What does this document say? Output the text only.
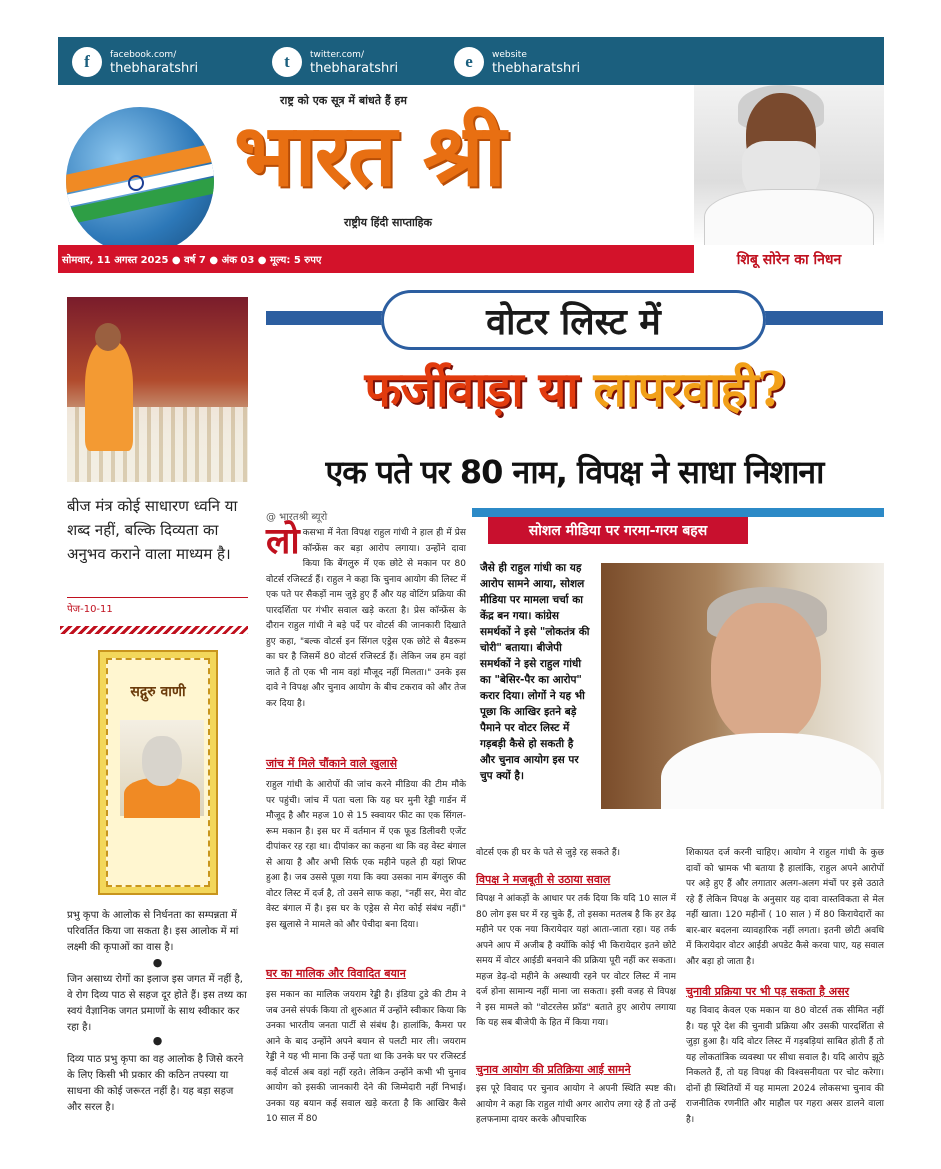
f	facebook.com/
thebharatshri	t	twitter.com/
thebharatshri	e	website
thebharatshri
राष्ट्र को एक सूत्र में बांधते हैं हम
भारत श्री
राष्ट्रीय हिंदी साप्ताहिक
सोमवार, 11 अगस्त 2025 ● वर्ष 7 ● अंक 03 ● मूल्य: 5 रुपए	शिबू सोरेन का निधन
बीज मंत्र कोई साधारण ध्वनि या शब्द नहीं, बल्कि दिव्यता का अनुभव कराने वाला माध्यम है।
पेज-10-11
सद्गुरु वाणी
प्रभु कृपा के आलोक से निर्धनता का सम्पन्नता में परिवर्तित किया जा सकता है। इस आलोक में मां लक्ष्मी की कृपाओं का वास है।
●
जिन असाध्य रोगों का इलाज इस जगत में नहीं है, वे रोग दिव्य पाठ से सहज दूर होते हैं। इस तथ्य का स्वयं वैज्ञानिक जगत प्रमाणों के साथ स्वीकार कर रहा है।
●
दिव्य पाठ प्रभु कृपा का वह आलोक है जिसे करने के लिए किसी भी प्रकार की कठिन तपस्या या साधना की कोई जरूरत नहीं है। यह बड़ा सहज और सरल है।
वोटर लिस्ट में
फर्जीवाड़ा या लापरवाही?
एक पते पर 80 नाम, विपक्ष ने साधा निशाना
@ भारतश्री ब्यूरो
सोशल मीडिया पर गरमा-गरम बहस
लोकसभा में नेता विपक्ष राहुल गांधी ने हाल ही में प्रेस कॉन्फ्रेंस कर बड़ा आरोप लगाया। उन्होंने दावा किया कि बेंगलुरु में एक छोटे से मकान पर 80 वोटर्स रजिस्टर्ड हैं। राहुल ने कहा कि चुनाव आयोग की लिस्ट में एक पते पर सैकड़ों नाम जुड़े हुए हैं और यह वोटिंग प्रक्रिया की पारदर्शिता पर गंभीर सवाल खड़े करता है। प्रेस कॉन्फ्रेंस के दौरान राहुल गांधी ने बड़े पर्दे पर वोटर्स की जानकारी दिखाते हुए कहा, "बल्क वोटर्स इन सिंगल एड्रेस एक छोटे से बैडरूम का घर है जिसमें 80 वोटर्स रजिस्टर्ड हैं। लेकिन जब हम वहां जाते हैं तो एक भी नाम वहां मौजूद नहीं मिलता।" उनके इस दावे ने विपक्ष और चुनाव आयोग के बीच टकराव को और तेज कर दिया है।
जांच में मिले चौंकाने वाले खुलासे
राहुल गांधी के आरोपों की जांच करने मीडिया की टीम मौके पर पहुंची। जांच में पता चला कि यह घर मुनी रेड्डी गार्डन में मौजूद है और महज 10 से 15 स्क्वायर फीट का एक सिंगल-रूम मकान है। इस घर में वर्तमान में एक फूड डिलीवरी एजेंट दीपांकर रह रहा था। दीपांकर का कहना था कि वह वेस्ट बंगाल से आया है और अभी सिर्फ एक महीने पहले ही यहां शिफ्ट हुआ है। जब उससे पूछा गया कि क्या उसका नाम बेंगलुरु की वोटर लिस्ट में दर्ज है, तो उसने साफ कहा, "नहीं सर, मेरा वोट वेस्ट बंगाल में है। इस घर के एड्रेस से मेरा कोई संबंध नहीं।" इस खुलासे ने मामले को और पेचीदा बना दिया।
घर का मालिक और विवादित बयान
इस मकान का मालिक जयराम रेड्डी है। इंडिया टुडे की टीम ने जब उनसे संपर्क किया तो शुरुआत में उन्होंने स्वीकार किया कि उनका भारतीय जनता पार्टी से संबंध है। हालांकि, कैमरा पर आने के बाद उन्होंने अपने बयान से पलटी मार ली। जयराम रेड्डी ने यह भी माना कि उन्हें पता था कि उनके घर पर रजिस्टर्ड कई वोटर्स अब वहां नहीं रहते। लेकिन उन्होंने कभी भी चुनाव आयोग को इसकी जानकारी देने की जिम्मेदारी नहीं निभाई। उनका यह बयान कई सवाल खड़े करता है कि आखिर कैसे 10 साल में 80
जैसे ही राहुल गांधी का यह आरोप सामने आया, सोशल मीडिया पर मामला चर्चा का केंद्र बन गया। कांग्रेस समर्थकों ने इसे "लोकतंत्र की चोरी" बताया। बीजेपी समर्थकों ने इसे राहुल गांधी का "बेसिर-पैर का आरोप" करार दिया। लोगों ने यह भी पूछा कि आखिर इतने बड़े पैमाने पर वोटर लिस्ट में गड़बड़ी कैसे हो सकती है और चुनाव आयोग इस पर चुप क्यों है।
वोटर्स एक ही घर के पते से जुड़े रह सकते हैं।
विपक्ष ने मजबूती से उठाया सवाल
विपक्ष ने आंकड़ों के आधार पर तर्क दिया कि यदि 10 साल में 80 लोग इस घर में रह चुके हैं, तो इसका मतलब है कि हर डेढ़ महीने पर एक नया किरायेदार यहां आता-जाता रहा। यह तर्क अपने आप में अजीब है क्योंकि कोई भी किरायेदार इतने छोटे समय में वोटर आईडी बनवाने की प्रक्रिया पूरी नहीं कर सकता। महज डेढ़-दो महीने के अस्थायी रहने पर वोटर लिस्ट में नाम दर्ज होना सामान्य नहीं माना जा सकता। इसी वजह से विपक्ष ने इस मामले को "वोटरलेस फ्रॉड" बताते हुए आरोप लगाया कि यह सब बीजेपी के हित में किया गया।
चुनाव आयोग की प्रतिक्रिया आई सामने
इस पूरे विवाद पर चुनाव आयोग ने अपनी स्थिति स्पष्ट की। आयोग ने कहा कि राहुल गांधी अगर आरोप लगा रहे हैं तो उन्हें हलफनामा दायर करके औपचारिक
शिकायत दर्ज करनी चाहिए। आयोग ने राहुल गांधी के कुछ दावों को भ्रामक भी बताया है हालांकि, राहुल अपने आरोपों पर अड़े हुए हैं और लगातार अलग-अलग मंचों पर इसे उठाते रहे हैं लेकिन विपक्ष के अनुसार यह दावा वास्तविकता से मेल नहीं खाता। 120 महीनों ( 10 साल ) में 80 किरायेदारों का बार-बार बदलना व्यावहारिक नहीं लगता। इतनी छोटी अवधि में किरायेदार वोटर आईडी अपडेट कैसे करवा पाए, यह सवाल और बड़ा हो जाता है।
चुनावी प्रक्रिया पर भी पड़ सकता है असर
यह विवाद केवल एक मकान या 80 वोटर्स तक सीमित नहीं है। यह पूरे देश की चुनावी प्रक्रिया और उसकी पारदर्शिता से जुड़ा हुआ है। यदि वोटर लिस्ट में गड़बड़ियां साबित होती हैं तो यह लोकतांत्रिक व्यवस्था पर सीधा सवाल है। यदि आरोप झूठे निकलते हैं, तो यह विपक्ष की विश्वसनीयता पर चोट करेगा। दोनों ही स्थितियों में यह मामला 2024 लोकसभा चुनाव की राजनीतिक रणनीति और माहौल पर गहरा असर डालने वाला है।
